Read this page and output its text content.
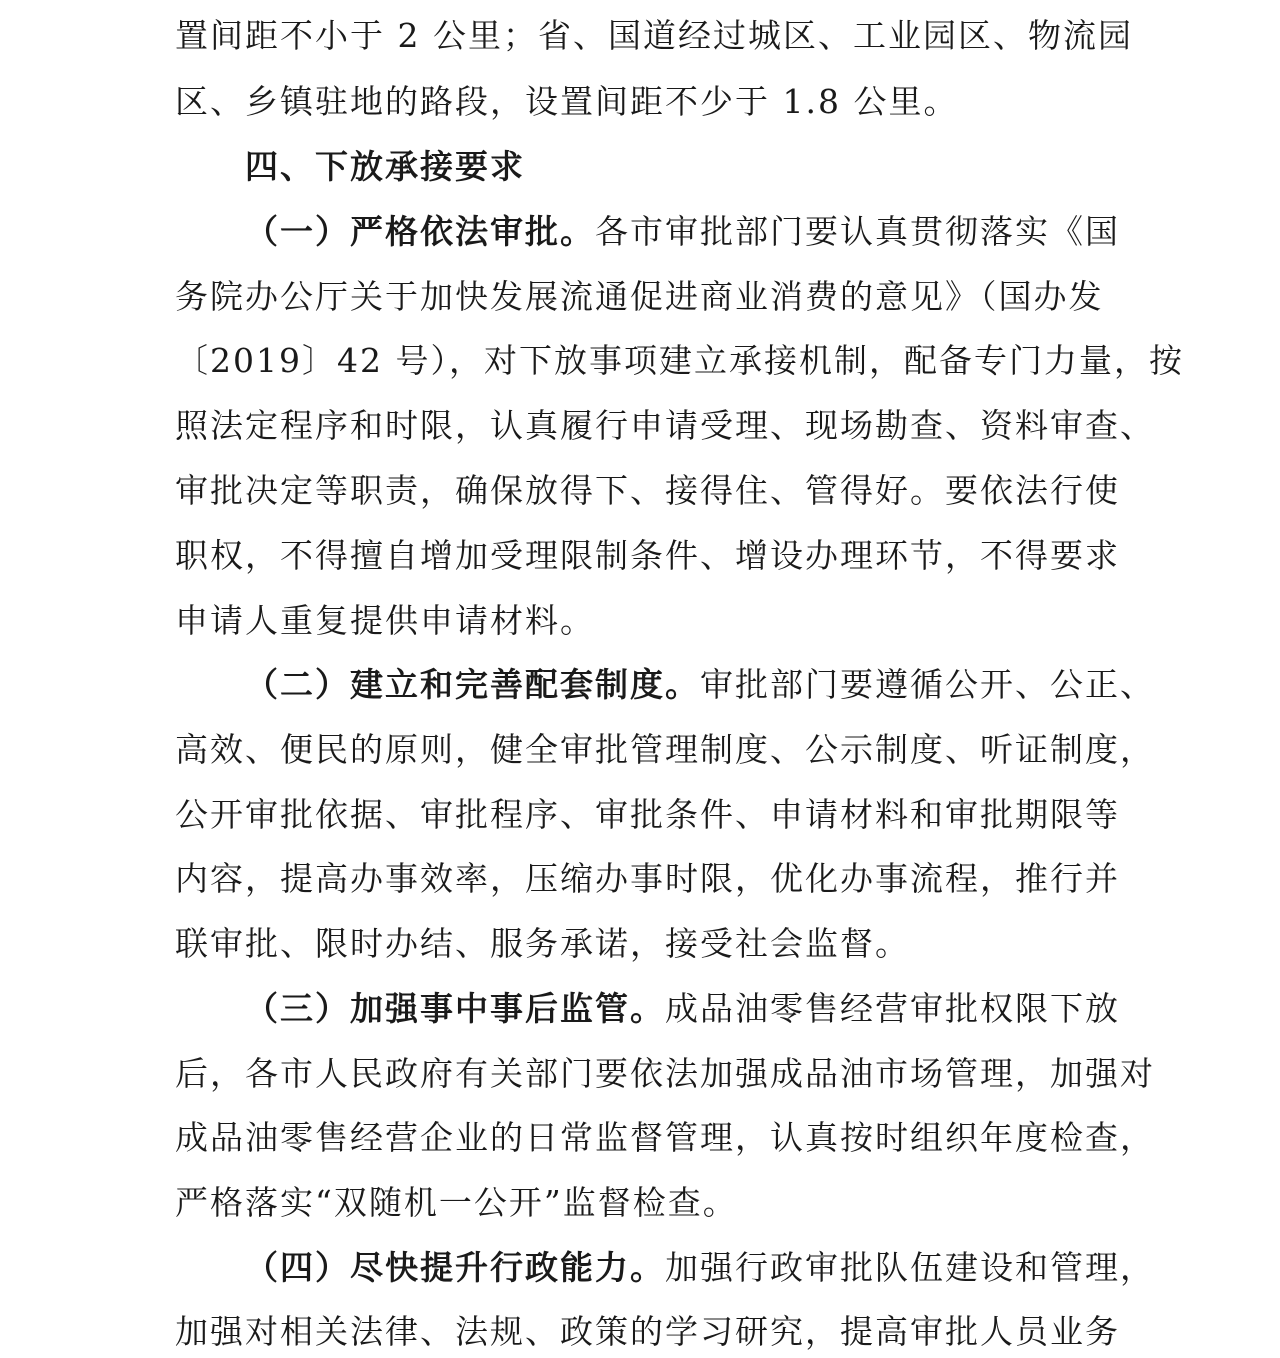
置间距不小于 2 公里；省、国道经过城区、工业园区、物流园
区、乡镇驻地的路段，设置间距不少于 1.8 公里。
四、下放承接要求
（一）严格依法审批。各市审批部门要认真贯彻落实《国
务院办公厅关于加快发展流通促进商业消费的意见》（国办发
〔2019〕42 号），对下放事项建立承接机制，配备专门力量，按
照法定程序和时限，认真履行申请受理、现场勘查、资料审查、
审批决定等职责，确保放得下、接得住、管得好。要依法行使
职权，不得擅自增加受理限制条件、增设办理环节，不得要求
申请人重复提供申请材料。
（二）建立和完善配套制度。审批部门要遵循公开、公正、
高效、便民的原则，健全审批管理制度、公示制度、听证制度，
公开审批依据、审批程序、审批条件、申请材料和审批期限等
内容，提高办事效率，压缩办事时限，优化办事流程，推行并
联审批、限时办结、服务承诺，接受社会监督。
（三）加强事中事后监管。成品油零售经营审批权限下放
后，各市人民政府有关部门要依法加强成品油市场管理，加强对
成品油零售经营企业的日常监督管理，认真按时组织年度检查，
严格落实“双随机一公开”监督检查。
（四）尽快提升行政能力。加强行政审批队伍建设和管理，
加强对相关法律、法规、政策的学习研究，提高审批人员业务
